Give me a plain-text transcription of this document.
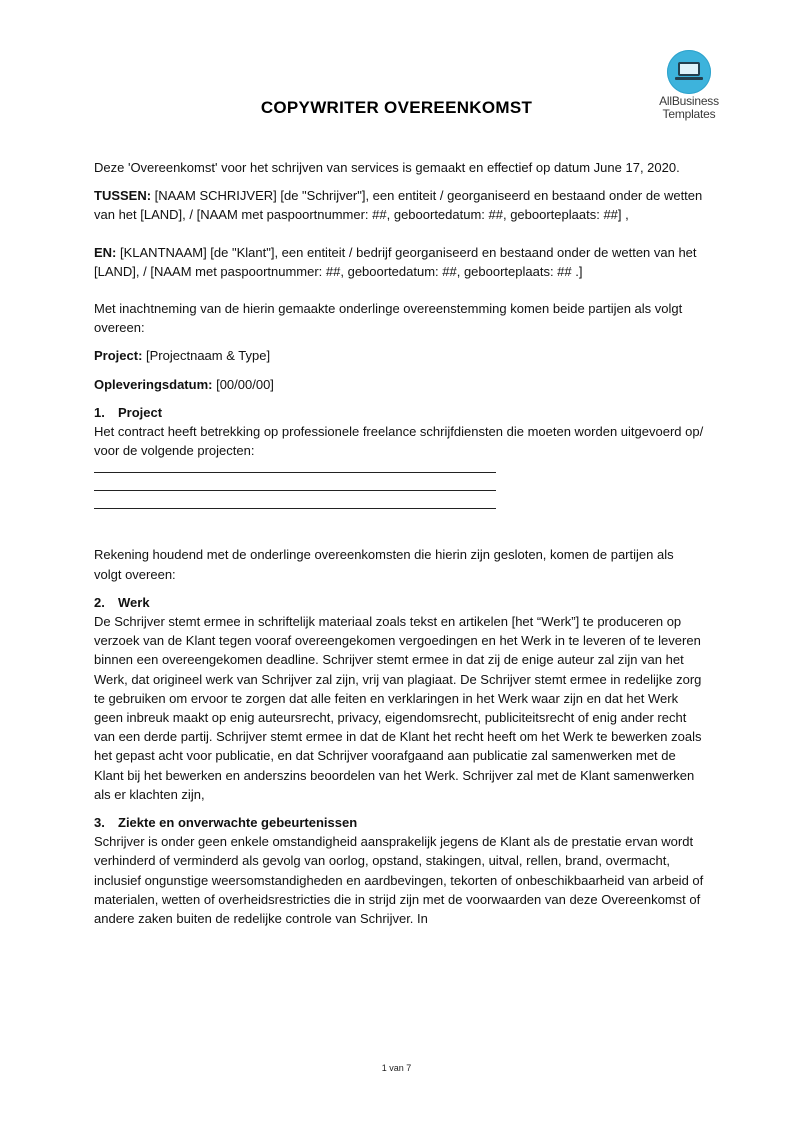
AllBusiness
Templates
COPYWRITER OVEREENKOMST

Deze 'Overeenkomst' voor het schrijven van services is gemaakt en effectief op datum June 17, 2020.

TUSSEN: [NAAM SCHRIJVER] [de "Schrijver"], een entiteit / georganiseerd en bestaand onder de wetten van het [LAND], / [NAAM met paspoortnummer: ##, geboortedatum: ##, geboorteplaats: ##] ,

EN: [KLANTNAAM] [de "Klant"], een entiteit / bedrijf georganiseerd en bestaand onder de wetten van het [LAND], / [NAAM met paspoortnummer: ##, geboortedatum: ##, geboorteplaats: ## .]

Met inachtneming van de hierin gemaakte onderlinge overeenstemming komen beide partijen als volgt overeen:

Project: [Projectnaam & Type]

Opleveringsdatum: [00/00/00]

1. Project

Het contract heeft betrekking op professionele freelance schrijfdiensten die moeten worden uitgevoerd op/ voor de volgende projecten:

Rekening houdend met de onderlinge overeenkomsten die hierin zijn gesloten, komen de partijen als volgt overeen:

2. Werk

De Schrijver stemt ermee in schriftelijk materiaal zoals tekst en artikelen [het “Werk”] te produceren op verzoek van de Klant tegen vooraf overeengekomen vergoedingen en het Werk in te leveren of te leveren binnen een overeengekomen deadline. Schrijver stemt ermee in dat zij de enige auteur zal zijn van het Werk, dat origineel werk van Schrijver zal zijn, vrij van plagiaat. De Schrijver stemt ermee in redelijke zorg te gebruiken om ervoor te zorgen dat alle feiten en verklaringen in het Werk waar zijn en dat het Werk geen inbreuk maakt op enig auteursrecht, privacy, eigendomsrecht, publiciteitsrecht of enig ander recht van een derde partij. Schrijver stemt ermee in dat de Klant het recht heeft om het Werk te bewerken zoals het gepast acht voor publicatie, en dat Schrijver voorafgaand aan publicatie zal samenwerken met de Klant bij het bewerken en anderszins beoordelen van het Werk. Schrijver zal met de Klant samenwerken als er klachten zijn,

3. Ziekte en onverwachte gebeurtenissen

Schrijver is onder geen enkele omstandigheid aansprakelijk jegens de Klant als de prestatie ervan wordt verhinderd of verminderd als gevolg van oorlog, opstand, stakingen, uitval, rellen, brand, overmacht, inclusief ongunstige weersomstandigheden en aardbevingen, tekorten of onbeschikbaarheid van arbeid of materialen, wetten of overheidsrestricties die in strijd zijn met de voorwaarden van deze Overeenkomst of andere zaken buiten de redelijke controle van Schrijver. In

1 van 7
